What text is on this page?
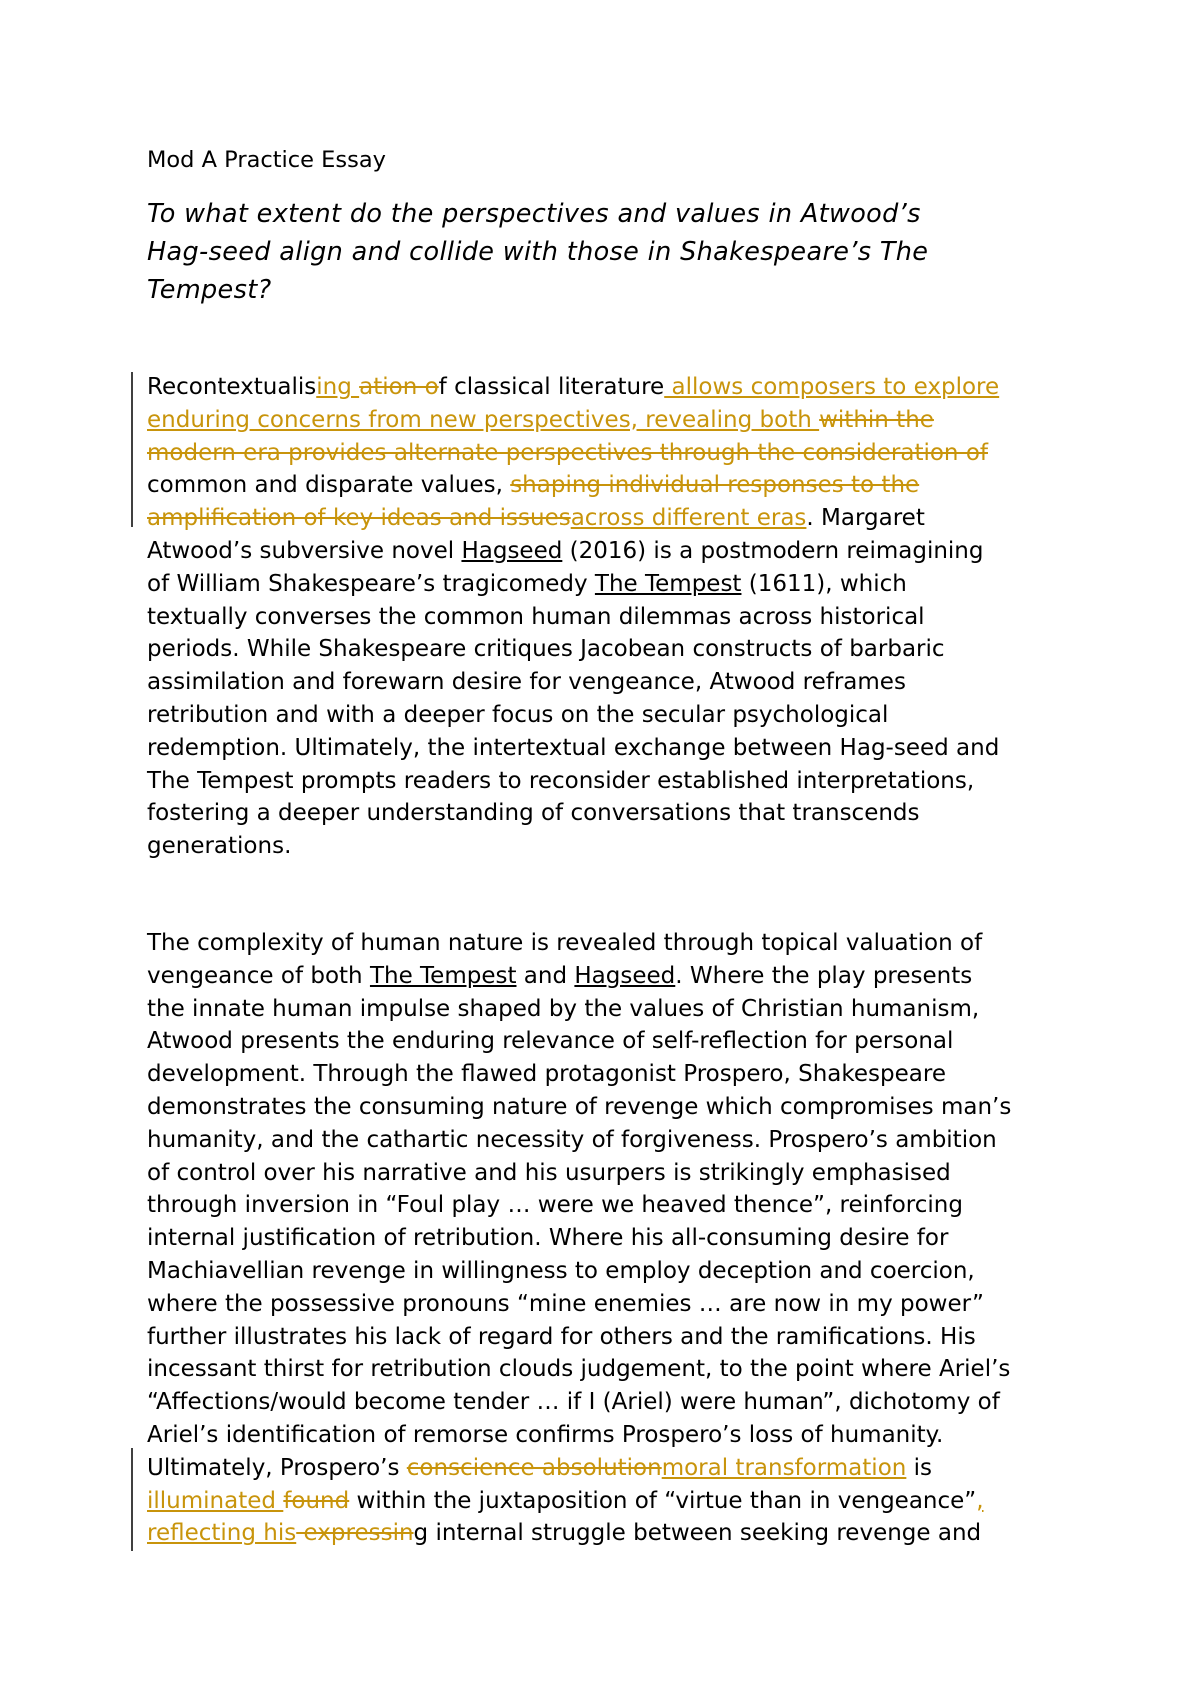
Mod A Practice Essay
To what extent do the perspectives and values in Atwood’s
Hag-seed align and collide with those in Shakespeare’s The
Tempest?
Recontextualising ation of classical literature allows composers to explore
enduring concerns from new perspectives, revealing both within the
modern era provides alternate perspectives through the consideration of
common and disparate values, shaping individual responses to the
amplification of key ideas and issuesacross different eras. Margaret
Atwood’s subversive novel Hagseed (2016) is a postmodern reimagining
of William Shakespeare’s tragicomedy The Tempest (1611), which
textually converses the common human dilemmas across historical
periods. While Shakespeare critiques Jacobean constructs of barbaric
assimilation and forewarn desire for vengeance, Atwood reframes
retribution and with a deeper focus on the secular psychological
redemption. Ultimately, the intertextual exchange between Hag-seed and
The Tempest prompts readers to reconsider established interpretations,
fostering a deeper understanding of conversations that transcends
generations.
The complexity of human nature is revealed through topical valuation of
vengeance of both The Tempest and Hagseed. Where the play presents
the innate human impulse shaped by the values of Christian humanism,
Atwood presents the enduring relevance of self-reflection for personal
development. Through the flawed protagonist Prospero, Shakespeare
demonstrates the consuming nature of revenge which compromises man’s
humanity, and the cathartic necessity of forgiveness. Prospero’s ambition
of control over his narrative and his usurpers is strikingly emphasised
through inversion in “Foul play … were we heaved thence”, reinforcing
internal justification of retribution. Where his all-consuming desire for
Machiavellian revenge in willingness to employ deception and coercion,
where the possessive pronouns “mine enemies … are now in my power”
further illustrates his lack of regard for others and the ramifications. His
incessant thirst for retribution clouds judgement, to the point where Ariel’s
“Affections/would become tender … if I (Ariel) were human”, dichotomy of
Ariel’s identification of remorse confirms Prospero’s loss of humanity.
Ultimately, Prospero’s conscience absolutionmoral transformation is
illuminated found within the juxtaposition of “virtue than in vengeance”,
reflecting his expressing internal struggle between seeking revenge and
